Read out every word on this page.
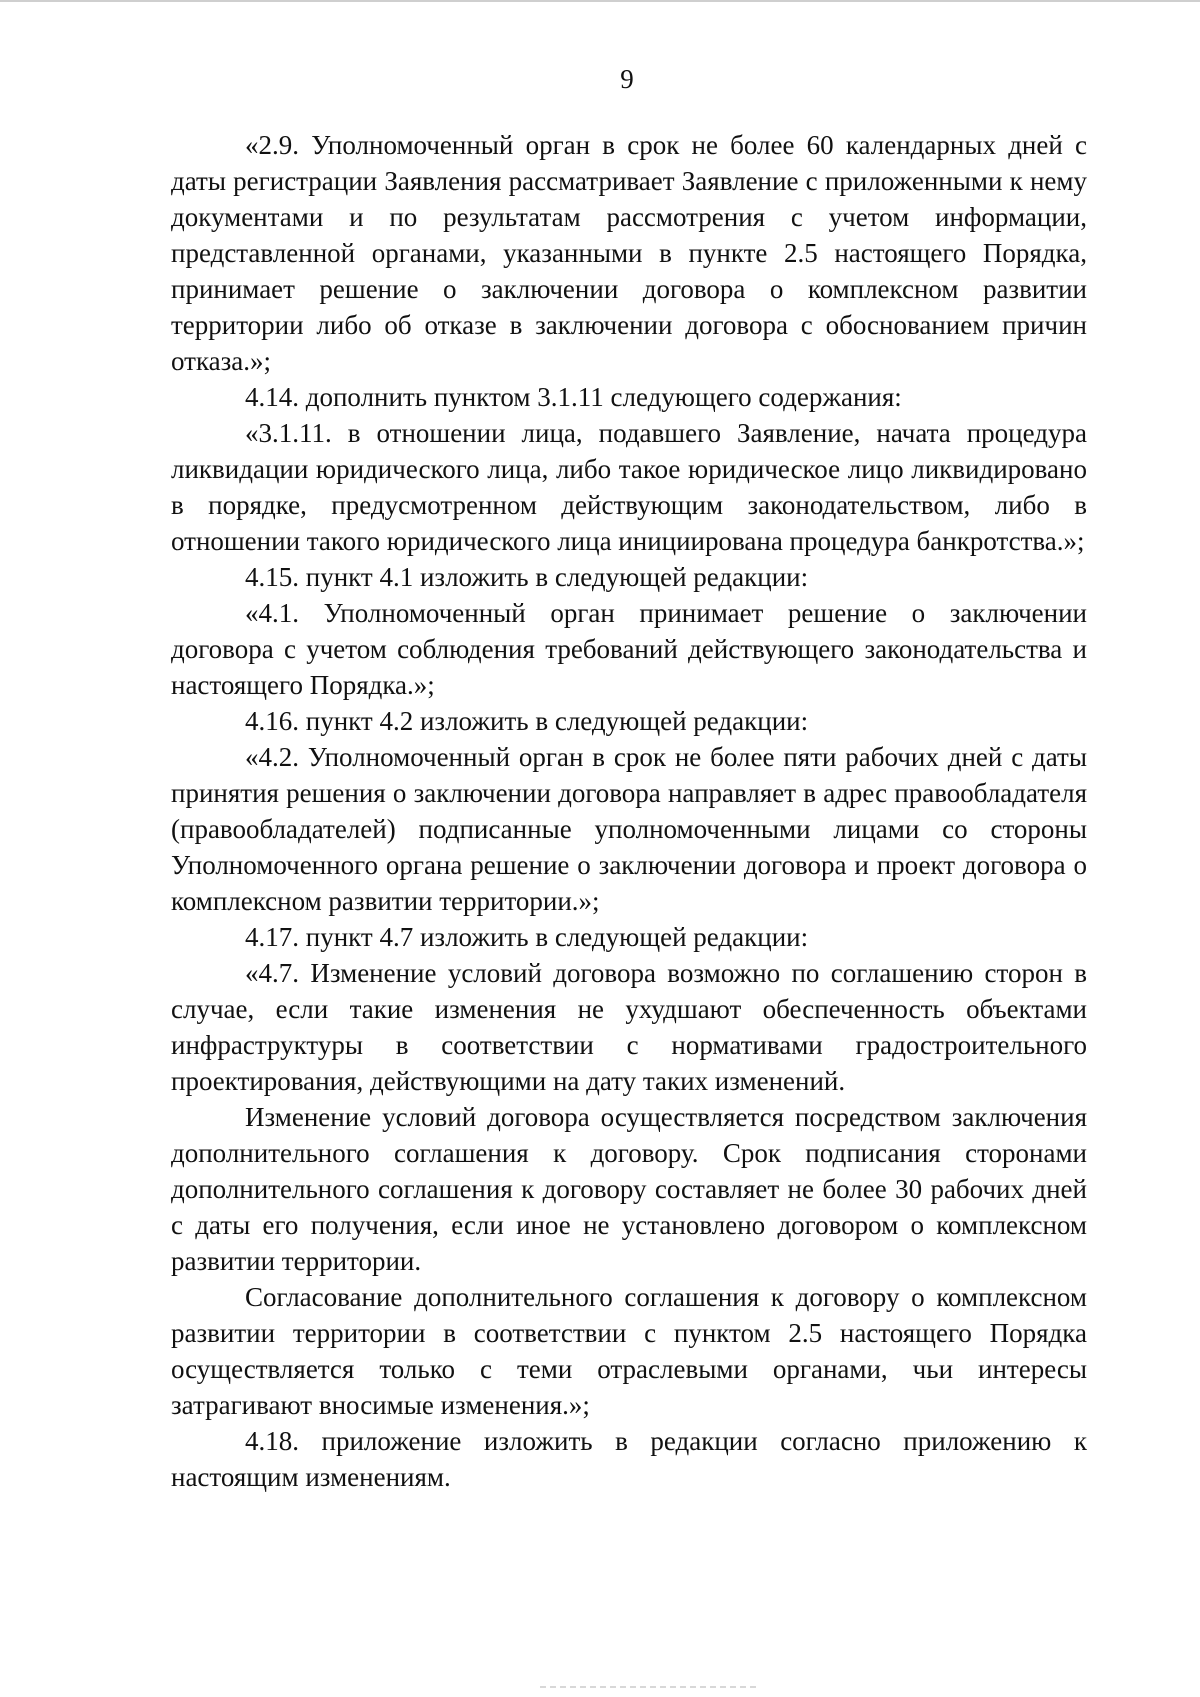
9

«2.9. Уполномоченный орган в срок не более 60 календарных дней с даты регистрации Заявления рассматривает Заявление с приложенными к нему документами и по результатам рассмотрения с учетом информации, представленной органами, указанными в пункте 2.5 настоящего Порядка, принимает решение о заключении договора о комплексном развитии территории либо об отказе в заключении договора с обоснованием причин отказа.»;

4.14. дополнить пунктом 3.1.11 следующего содержания:

«3.1.11. в отношении лица, подавшего Заявление, начата процедура ликвидации юридического лица, либо такое юридическое лицо ликвидировано в порядке, предусмотренном действующим законодательством, либо в отношении такого юридического лица инициирована процедура банкротства.»;

4.15. пункт 4.1 изложить в следующей редакции:

«4.1. Уполномоченный орган принимает решение о заключении договора с учетом соблюдения требований действующего законодательства и настоящего Порядка.»;

4.16. пункт 4.2 изложить в следующей редакции:

«4.2. Уполномоченный орган в срок не более пяти рабочих дней с даты принятия решения о заключении договора направляет в адрес правообладателя (правообладателей) подписанные уполномоченными лицами со стороны Уполномоченного органа решение о заключении договора и проект договора о комплексном развитии территории.»;

4.17. пункт 4.7 изложить в следующей редакции:

«4.7. Изменение условий договора возможно по соглашению сторон в случае, если такие изменения не ухудшают обеспеченность объектами инфраструктуры в соответствии с нормативами градостроительного проектирования, действующими на дату таких изменений.

Изменение условий договора осуществляется посредством заключения дополнительного соглашения к договору. Срок подписания сторонами дополнительного соглашения к договору составляет не более 30 рабочих дней с даты его получения, если иное не установлено договором о комплексном развитии территории.

Согласование дополнительного соглашения к договору о комплексном развитии территории в соответствии с пунктом 2.5 настоящего Порядка осуществляется только с теми отраслевыми органами, чьи интересы затрагивают вносимые изменения.»;

4.18. приложение изложить в редакции согласно приложению к настоящим изменениям.
